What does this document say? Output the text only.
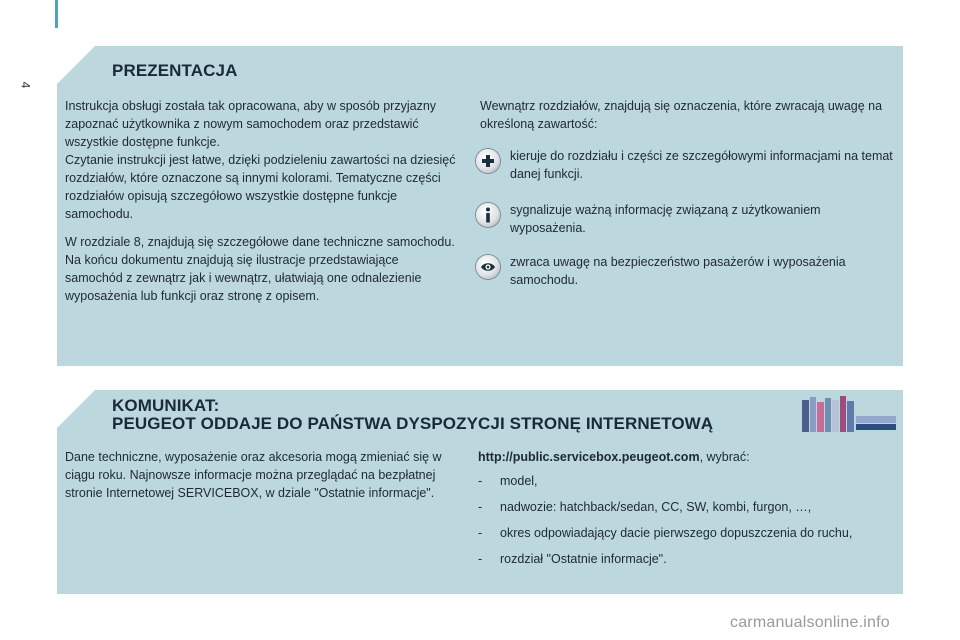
4
PREZENTACJA

Instrukcja obsługi została tak opracowana, aby w sposób przyjazny zapoznać użytkownika z nowym samochodem oraz przedstawić wszystkie dostępne funkcje.

Czytanie instrukcji jest łatwe, dzięki podzieleniu zawartości na dziesięć rozdziałów, które oznaczone są innymi kolorami. Tematyczne części rozdziałów opisują szczegółowo wszystkie dostępne funkcje samochodu.

W rozdziale 8, znajdują się szczegółowe dane techniczne samochodu. Na końcu dokumentu znajdują się ilustracje przedstawiające samochód z zewnątrz jak i wewnątrz, ułatwiają one odnalezienie wyposażenia lub funkcji oraz stronę z opisem.

Wewnątrz rozdziałów, znajdują się oznaczenia, które zwracają uwagę na określoną zawartość:

kieruje do rozdziału i części ze szczegółowymi informacjami na temat danej funkcji.
sygnalizuje ważną informację związaną z użytkowaniem wyposażenia.
zwraca uwagę na bezpieczeństwo pasażerów i wyposażenia samochodu.
KOMUNIKAT:
PEUGEOT ODDAJE DO PAŃSTWA DYSPOZYCJI STRONĘ INTERNETOWĄ

Dane techniczne, wyposażenie oraz akcesoria mogą zmieniać się w ciągu roku. Najnowsze informacje można przeglądać na bezpłatnej stronie Internetowej SERVICEBOX, w dziale "Ostatnie informacje".

http://public.servicebox.peugeot.com, wybrać:

-	model,
-	nadwozie: hatchback/sedan, CC, SW, kombi, furgon, …,
-	okres odpowiadający dacie pierwszego dopuszczenia do ruchu,
-	rozdział "Ostatnie informacje".
carmanualsonline.info
